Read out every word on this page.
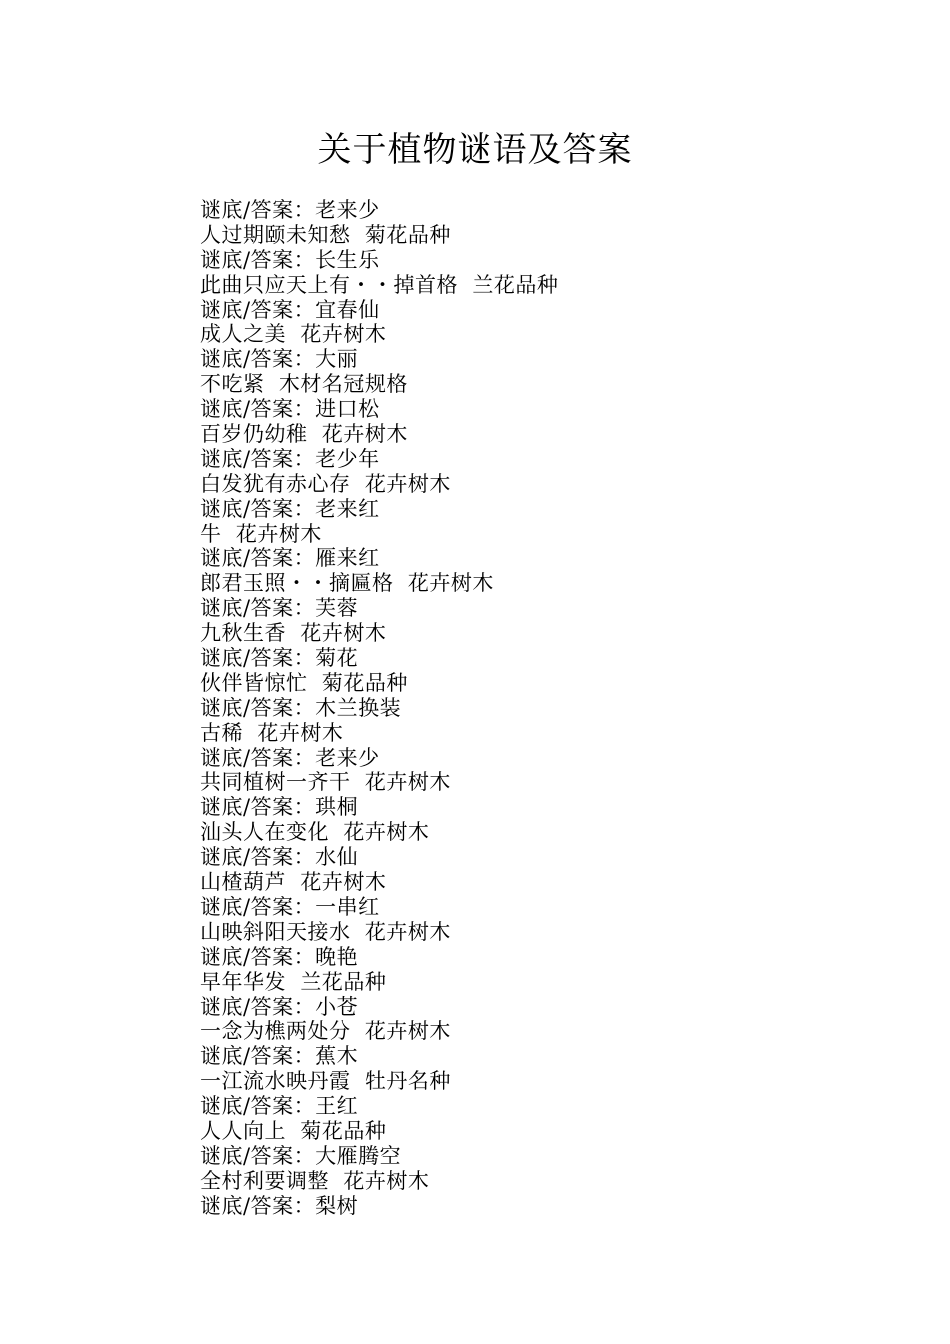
关于植物谜语及答案
谜底/答案：老来少
人过期颐未知愁  菊花品种
谜底/答案：长生乐
此曲只应天上有・・掉首格  兰花品种
谜底/答案：宜春仙
成人之美  花卉树木
谜底/答案：大丽
不吃紧  木材名冠规格
谜底/答案：进口松
百岁仍幼稚  花卉树木
谜底/答案：老少年
白发犹有赤心存  花卉树木
谜底/答案：老来红
牛  花卉树木
谜底/答案：雁来红
郎君玉照・・摘匾格  花卉树木
谜底/答案：芙蓉
九秋生香  花卉树木
谜底/答案：菊花
伙伴皆惊忙  菊花品种
谜底/答案：木兰换装
古稀  花卉树木
谜底/答案：老来少
共同植树一齐干  花卉树木
谜底/答案：珙桐
汕头人在变化  花卉树木
谜底/答案：水仙
山楂葫芦  花卉树木
谜底/答案：一串红
山映斜阳天接水  花卉树木
谜底/答案：晚艳
早年华发  兰花品种
谜底/答案：小苍
一念为樵两处分  花卉树木
谜底/答案：蕉木
一江流水映丹霞  牡丹名种
谜底/答案：王红
人人向上  菊花品种
谜底/答案：大雁腾空
全村利要调整  花卉树木
谜底/答案：梨树
